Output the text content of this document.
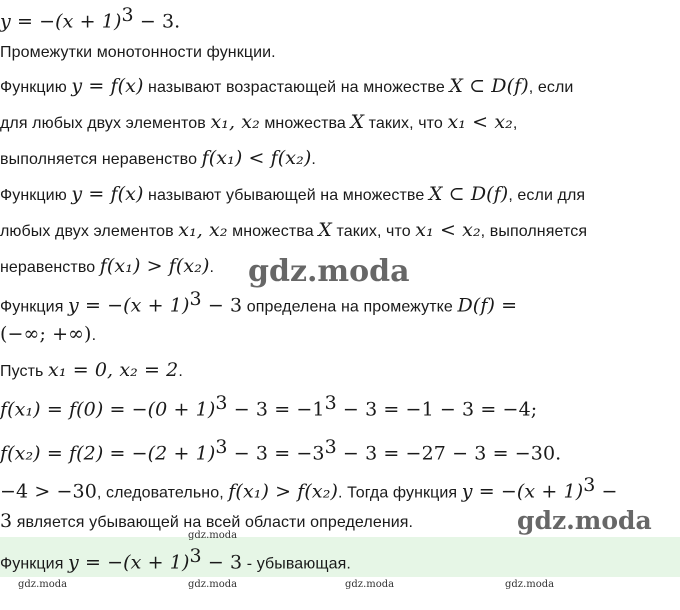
$y = -(x + 1)^3 - 3$.
Промежутки монотонности функции.
Функцию y = f(x) называют возрастающей на множестве X ⊂ D(f), если
для любых двух элементов x₁, x₂ множества X таких, что x₁ < x₂,
выполняется неравенство f(x₁) < f(x₂).
Функцию y = f(x) называют убывающей на множестве X ⊂ D(f), если для
любых двух элементов x₁, x₂ множества X таких, что x₁ < x₂, выполняется
неравенство f(x₁) > f(x₂).
Функция $y = -(x + 1)^3 - 3$ определена на промежутке D(f) =
(−∞; +∞).
Пусть x₁ = 0, x₂ = 2.
$f(x_1) = f(0) = -(0 + 1)^3 - 3 = -1^3 - 3 = -1 - 3 = -4$;
$f(x_2) = f(2) = -(2 + 1)^3 - 3 = -3^3 - 3 = -27 - 3 = -30$.
−4 > −30, следовательно, f(x₁) > f(x₂). Тогда функция $y = -(x + 1)^3$ −
3 является убывающей на всей области определения.
Функция $y = -(x + 1)^3 - 3$ - убывающая.
gdz.moda
gdz.moda
gdz.moda
gdz.moda
gdz.moda	gdz.moda	gdz.moda
